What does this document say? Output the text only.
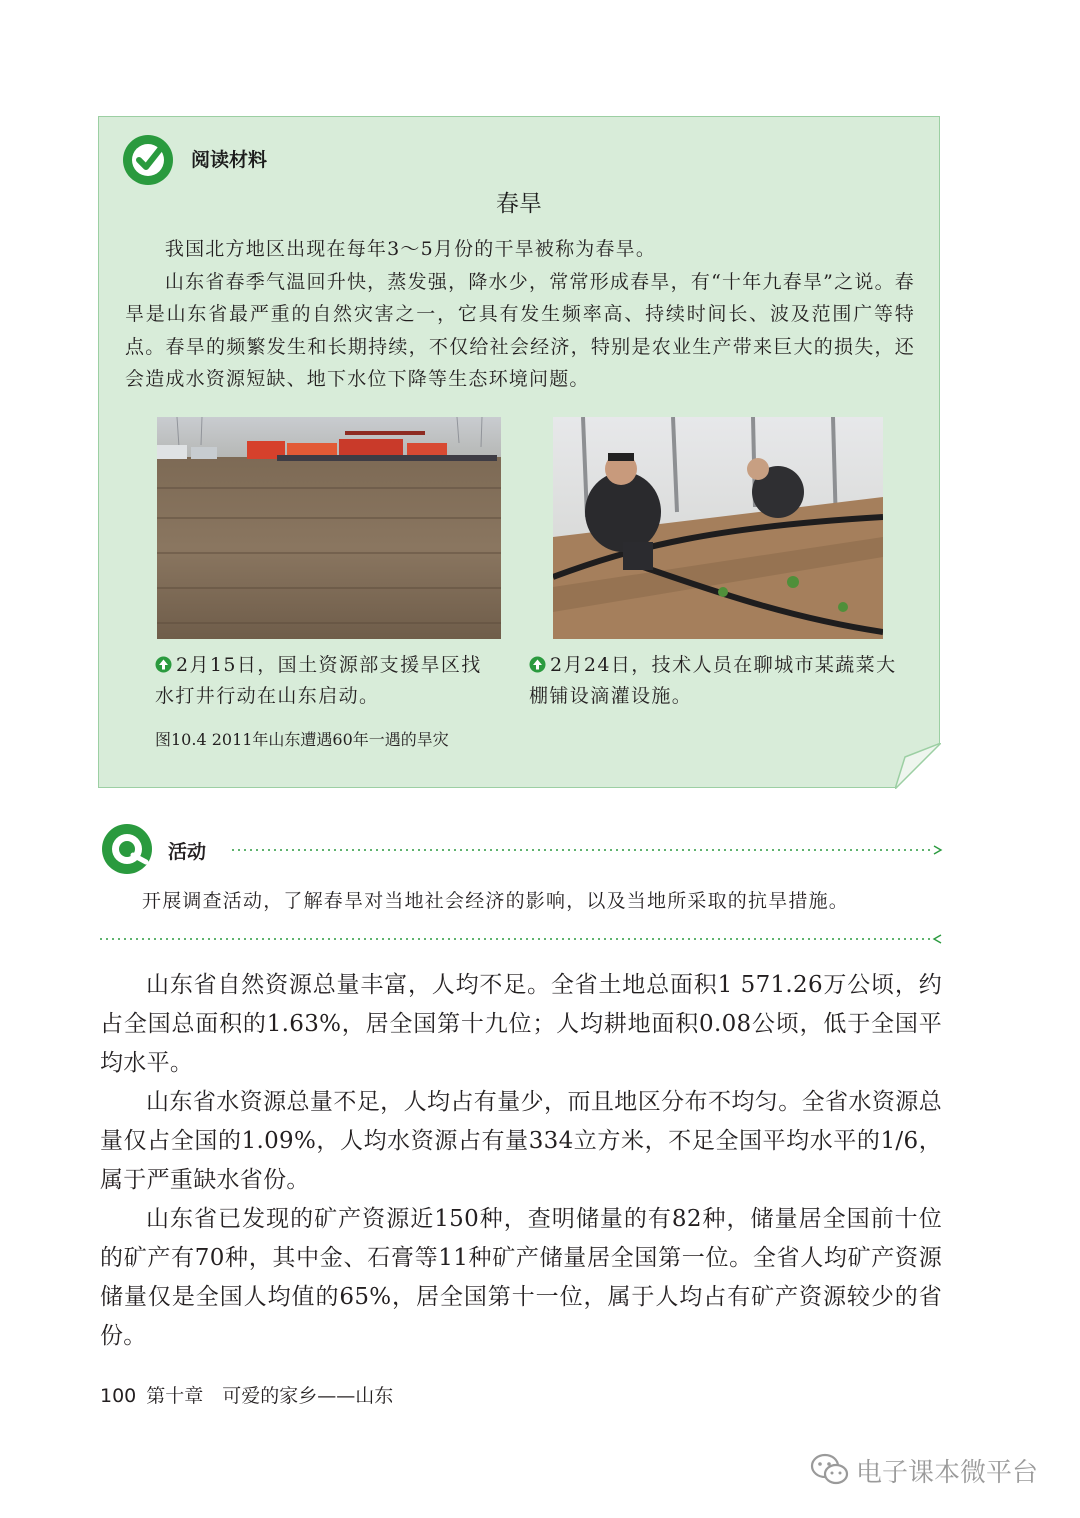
阅读材料
春旱

我国北方地区出现在每年3～5月份的干旱被称为春旱。

山东省春季气温回升快，蒸发强，降水少，常常形成春旱，有“十年九春旱”之说。春旱是山东省最严重的自然灾害之一，它具有发生频率高、持续时间长、波及范围广等特点。春旱的频繁发生和长期持续，不仅给社会经济，特别是农业生产带来巨大的损失，还会造成水资源短缺、地下水位下降等生态环境问题。

2月15日，国土资源部支援旱区找水打井行动在山东启动。
2月24日，技术人员在聊城市某蔬菜大棚铺设滴灌设施。
图10.4 2011年山东遭遇60年一遇的旱灾
活动
开展调查活动，了解春旱对当地社会经济的影响，以及当地所采取的抗旱措施。

山东省自然资源总量丰富，人均不足。全省土地总面积1 571.26万公顷，约占全国总面积的1.63%，居全国第十九位；人均耕地面积0.08公顷，低于全国平均水平。

山东省水资源总量不足，人均占有量少，而且地区分布不均匀。全省水资源总量仅占全国的1.09%，人均水资源占有量334立方米，不足全国平均水平的1/6，属于严重缺水省份。

山东省已发现的矿产资源近150种，查明储量的有82种，储量居全国前十位的矿产有70种，其中金、石膏等11种矿产储量居全国第一位。全省人均矿产资源储量仅是全国人均值的65%，居全国第十一位，属于人均占有矿产资源较少的省份。

100 第十章　可爱的家乡——山东
电子课本微平台
